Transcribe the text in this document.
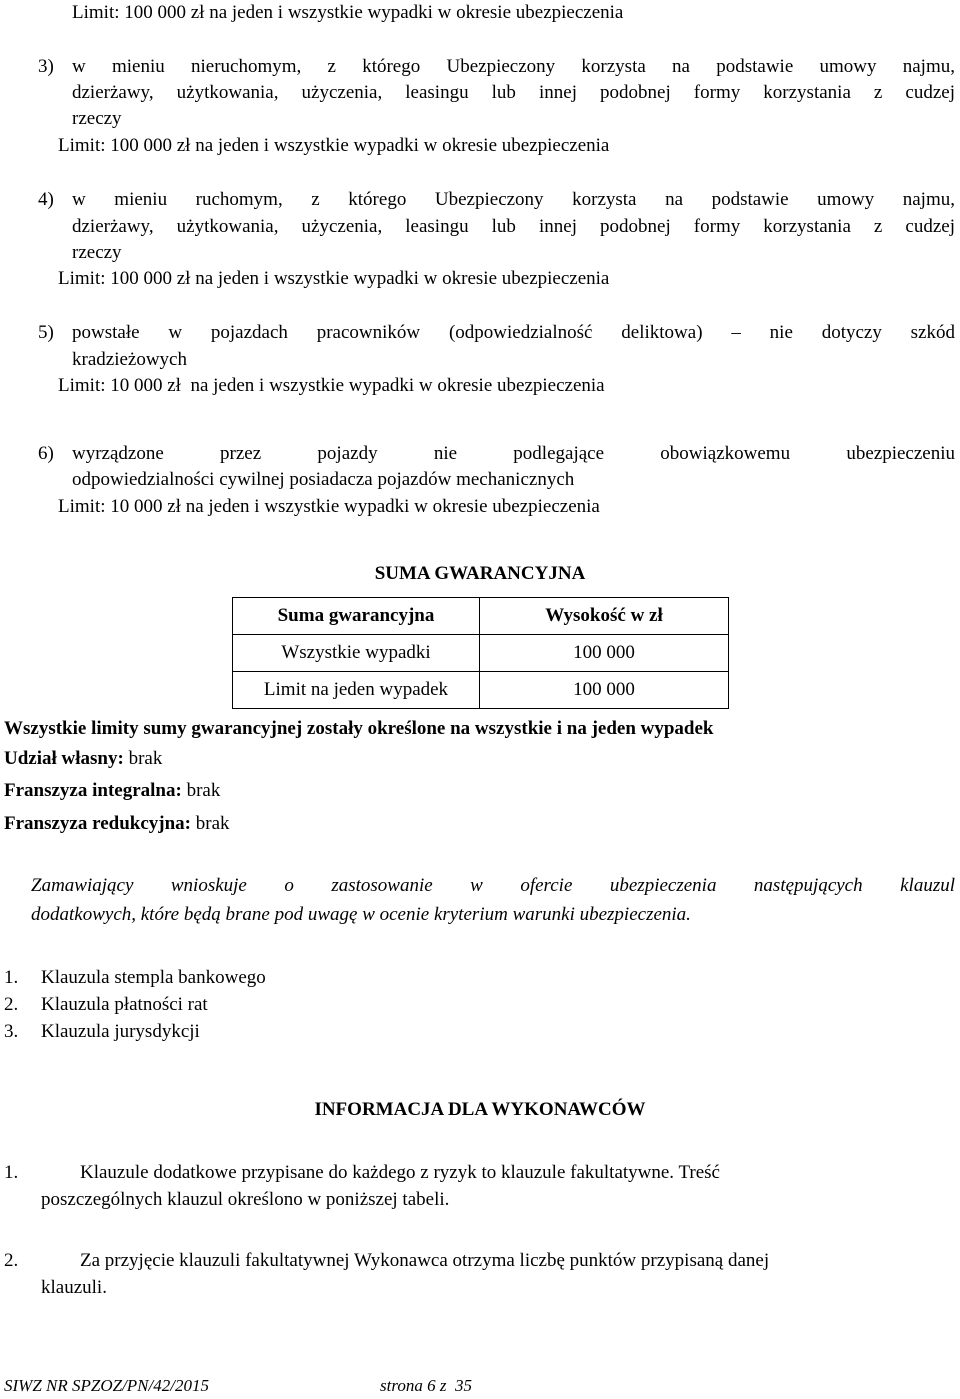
Limit: 100 000 zł na jeden i wszystkie wypadki w okresie ubezpieczenia
3) w mieniu nieruchomym, z którego Ubezpieczony korzysta na podstawie umowy najmu,
dzierżawy, użytkowania, użyczenia, leasingu lub innej podobnej formy korzystania z cudzej
rzeczy
Limit: 100 000 zł na jeden i wszystkie wypadki w okresie ubezpieczenia
4) w mieniu ruchomym, z którego Ubezpieczony korzysta na podstawie umowy najmu,
dzierżawy, użytkowania, użyczenia, leasingu lub innej podobnej formy korzystania z cudzej
rzeczy
Limit: 100 000 zł na jeden i wszystkie wypadki w okresie ubezpieczenia
5) powstałe w pojazdach pracowników (odpowiedzialność deliktowa) – nie dotyczy szkód
kradzieżowych
Limit: 10 000 zł  na jeden i wszystkie wypadki w okresie ubezpieczenia
6) wyrządzone przez pojazdy nie podlegające obowiązkowemu ubezpieczeniu
odpowiedzialności cywilnej posiadacza pojazdów mechanicznych
Limit: 10 000 zł na jeden i wszystkie wypadki w okresie ubezpieczenia
SUMA GWARANCYJNA
Suma gwarancyjna	Wysokość w zł
Wszystkie wypadki	100 000
Limit na jeden wypadek	100 000
Wszystkie limity sumy gwarancyjnej zostały określone na wszystkie i na jeden wypadek
Udział własny: brak
Franszyza integralna: brak
Franszyza redukcyjna: brak
Zamawiający wnioskuje o zastosowanie w ofercie ubezpieczenia następujących klauzul
dodatkowych, które będą brane pod uwagę w ocenie kryterium warunki ubezpieczenia.
1. Klauzula stempla bankowego
2. Klauzula płatności rat
3. Klauzula jurysdykcji
INFORMACJA DLA WYKONAWCÓW
1.	Klauzule dodatkowe przypisane do każdego z ryzyk to klauzule fakultatywne. Treść
poszczególnych klauzul określono w poniższej tabeli.
2.	Za przyjęcie klauzuli fakultatywnej Wykonawca otrzyma liczbę punktów przypisaną danej
klauzuli.
SIWZ NR SPZOZ/PN/42/2015	strona 6 z  35
